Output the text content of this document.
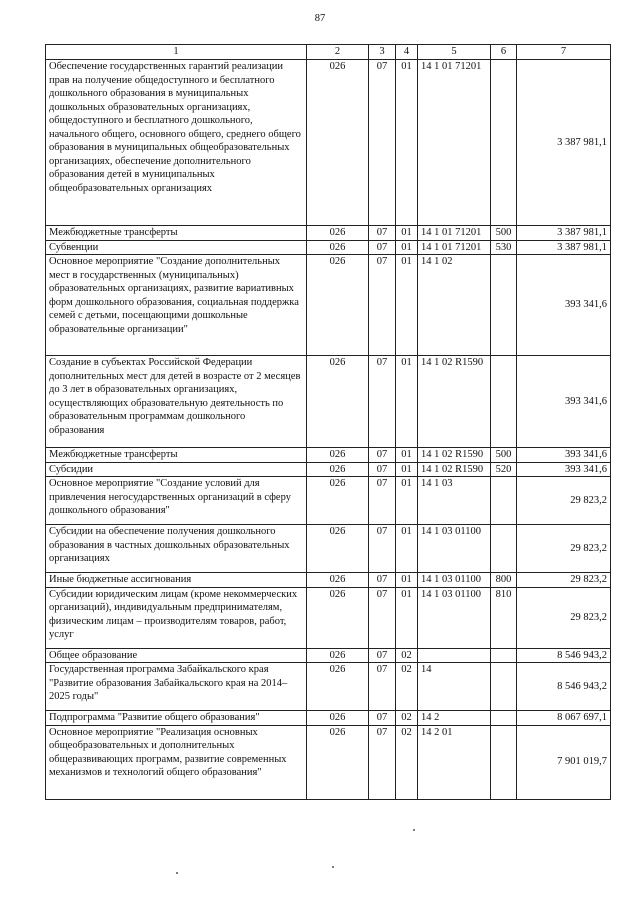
87
1	2	3	4	5	6	7
Обеспечение государственных гарантий реализации прав на получение общедоступного и бесплатного дошкольного образования в муниципальных дошкольных образовательных организациях, общедоступного и бесплатного дошкольного, начального общего, основного общего, среднего общего образования в муниципальных общеобразовательных организациях, обеспечение дополнительного образования детей в муниципальных общеобразовательных организациях	026	07	01	14 1 01 71201		3 387 981,1
Межбюджетные трансферты	026	07	01	14 1 01 71201	500	3 387 981,1
Субвенции	026	07	01	14 1 01 71201	530	3 387 981,1
Основное мероприятие "Создание дополнительных мест в государственных (муниципальных) образовательных организациях, развитие вариативных форм дошкольного образования, социальная поддержка семей с детьми, посещающими дошкольные образовательные организации"	026	07	01	14 1 02		393 341,6
Создание в субъектах Российской Федерации дополнительных мест для детей в возрасте от 2 месяцев до 3 лет в образовательных организациях, осуществляющих образовательную деятельность по образовательным программам дошкольного образования	026	07	01	14 1 02 R1590		393 341,6
Межбюджетные трансферты	026	07	01	14 1 02 R1590	500	393 341,6
Субсидии	026	07	01	14 1 02 R1590	520	393 341,6
Основное мероприятие "Создание условий для привлечения негосударственных организаций в сферу дошкольного образования"	026	07	01	14 1 03		29 823,2
Субсидии на обеспечение получения дошкольного образования в частных дошкольных образовательных организациях	026	07	01	14 1 03 01100		29 823,2
Иные бюджетные ассигнования	026	07	01	14 1 03 01100	800	29 823,2
Субсидии юридическим лицам (кроме некоммерческих организаций), индивидуальным предпринимателям, физическим лицам – производителям товаров, работ, услуг	026	07	01	14 1 03 01100	810	29 823,2
Общее образование	026	07	02			8 546 943,2
Государственная программа Забайкальского края "Развитие образования Забайкальского края на 2014–2025 годы"	026	07	02	14		8 546 943,2
Подпрограмма "Развитие общего образования"	026	07	02	14 2		8 067 697,1
Основное мероприятие "Реализация основных общеобразовательных и дополнительных общеразвивающих программ, развитие современных механизмов и технологий общего образования"	026	07	02	14 2 01		7 901 019,7
